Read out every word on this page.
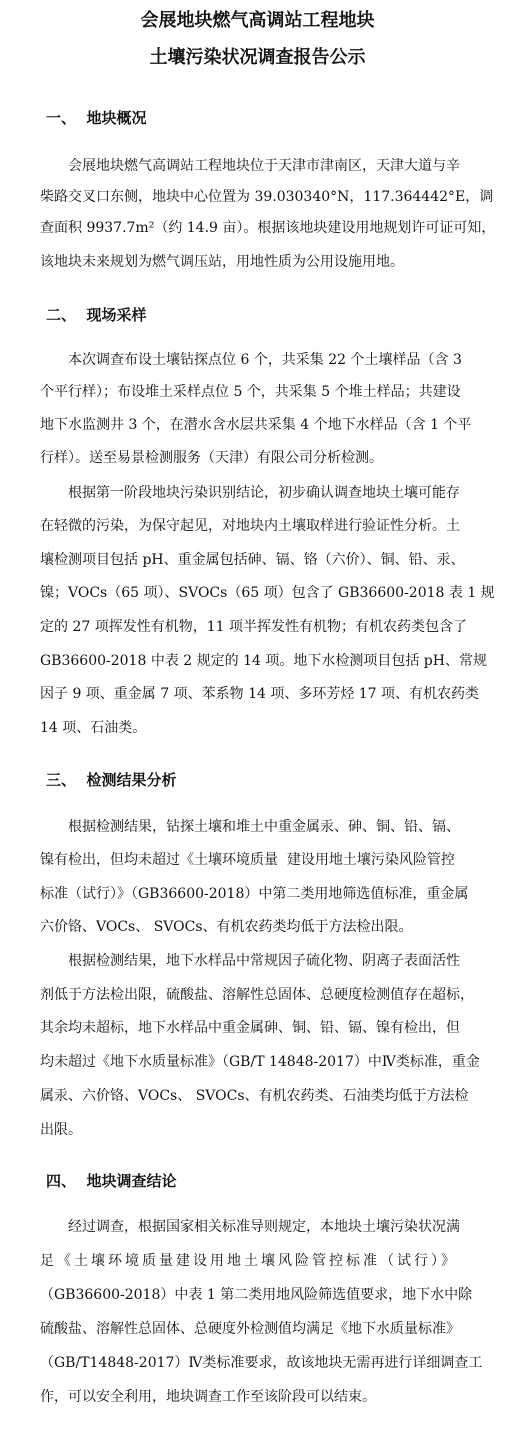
会展地块燃气高调站工程地块
土壤污染状况调查报告公示
一、  地块概况
会展地块燃气高调站工程地块位于天津市津南区，天津大道与辛
柴路交叉口东侧，地块中心位置为 39.030340°N，117.364442°E，调
查面积 9937.7m²（约 14.9 亩）。根据该地块建设用地规划许可证可知，
该地块未来规划为燃气调压站，用地性质为公用设施用地。
二、  现场采样
本次调查布设土壤钻探点位 6 个，共采集 22 个土壤样品（含 3
个平行样）；布设堆土采样点位 5 个，共采集 5 个堆土样品；共建设
地下水监测井 3 个，在潜水含水层共采集 4 个地下水样品（含 1 个平
行样）。送至易景检测服务（天津）有限公司分析检测。
根据第一阶段地块污染识别结论，初步确认调查地块土壤可能存
在轻微的污染，为保守起见，对地块内土壤取样进行验证性分析。土
壤检测项目包括 pH、重金属包括砷、镉、铬（六价）、铜、铅、汞、
镍；VOCs（65 项）、SVOCs（65 项）包含了 GB36600-2018 表 1 规
定的 27 项挥发性有机物，11 项半挥发性有机物；有机农药类包含了
GB36600-2018 中表 2 规定的 14 项。地下水检测项目包括 pH、常规
因子 9 项、重金属 7 项、苯系物 14 项、多环芳烃 17 项、有机农药类
14 项、石油类。
三、  检测结果分析
根据检测结果，钻探土壤和堆土中重金属汞、砷、铜、铅、镉、
镍有检出，但均未超过《土壤环境质量  建设用地土壤污染风险管控
标准（试行）》（GB36600-2018）中第二类用地筛选值标准，重金属
六价铬、VOCs、 SVOCs、有机农药类均低于方法检出限。
根据检测结果，地下水样品中常规因子硫化物、阴离子表面活性
剂低于方法检出限，硫酸盐、溶解性总固体、总硬度检测值存在超标，
其余均未超标，地下水样品中重金属砷、铜、铅、镉、镍有检出，但
均未超过《地下水质量标准》（GB/T 14848-2017）中Ⅳ类标准，重金
属汞、六价铬、VOCs、 SVOCs、有机农药类、石油类均低于方法检
出限。
四、  地块调查结论
经过调查，根据国家相关标准导则规定，本地块土壤污染状况满
足《土壤环境质量建设用地土壤风险管控标准（试行）》
（GB36600-2018）中表 1 第二类用地风险筛选值要求，地下水中除
硫酸盐、溶解性总固体、总硬度外检测值均满足《地下水质量标准》
（GB/T14848-2017）Ⅳ类标准要求，故该地块无需再进行详细调查工
作，可以安全利用，地块调查工作至该阶段可以结束。
